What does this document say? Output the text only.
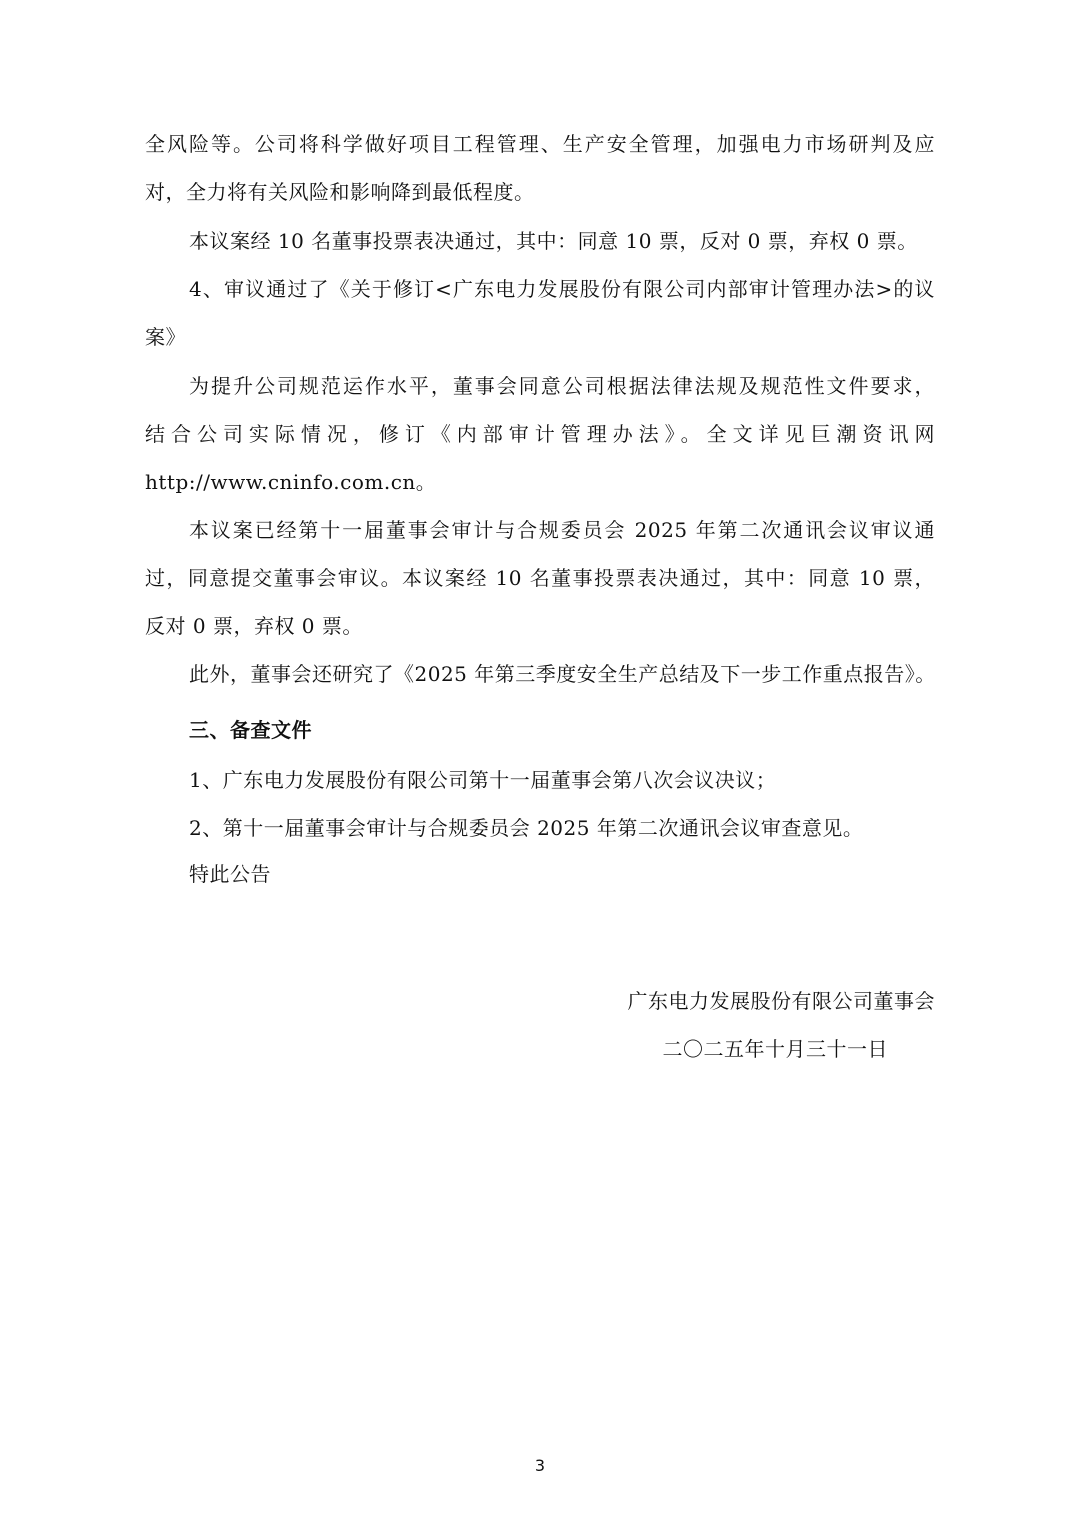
全风险等。公司将科学做好项目工程管理、生产安全管理，加强电力市场研判及应
对，全力将有关风险和影响降到最低程度。
本议案经 10 名董事投票表决通过，其中：同意 10 票，反对 0 票，弃权 0 票。
4、审议通过了《关于修订<广东电力发展股份有限公司内部审计管理办法>的议
案》
为提升公司规范运作水平，董事会同意公司根据法律法规及规范性文件要求，
结合公司实际情况，修订《内部审计管理办法》。全文详见巨潮资讯网
http://www.cninfo.com.cn。
本议案已经第十一届董事会审计与合规委员会 2025 年第二次通讯会议审议通
过，同意提交董事会审议。本议案经 10 名董事投票表决通过，其中：同意 10 票，
反对 0 票，弃权 0 票。
此外，董事会还研究了《2025 年第三季度安全生产总结及下一步工作重点报告》。
三、备查文件
1、广东电力发展股份有限公司第十一届董事会第八次会议决议；
2、第十一届董事会审计与合规委员会 2025 年第二次通讯会议审查意见。
特此公告
广东电力发展股份有限公司董事会
二〇二五年十月三十一日
3
